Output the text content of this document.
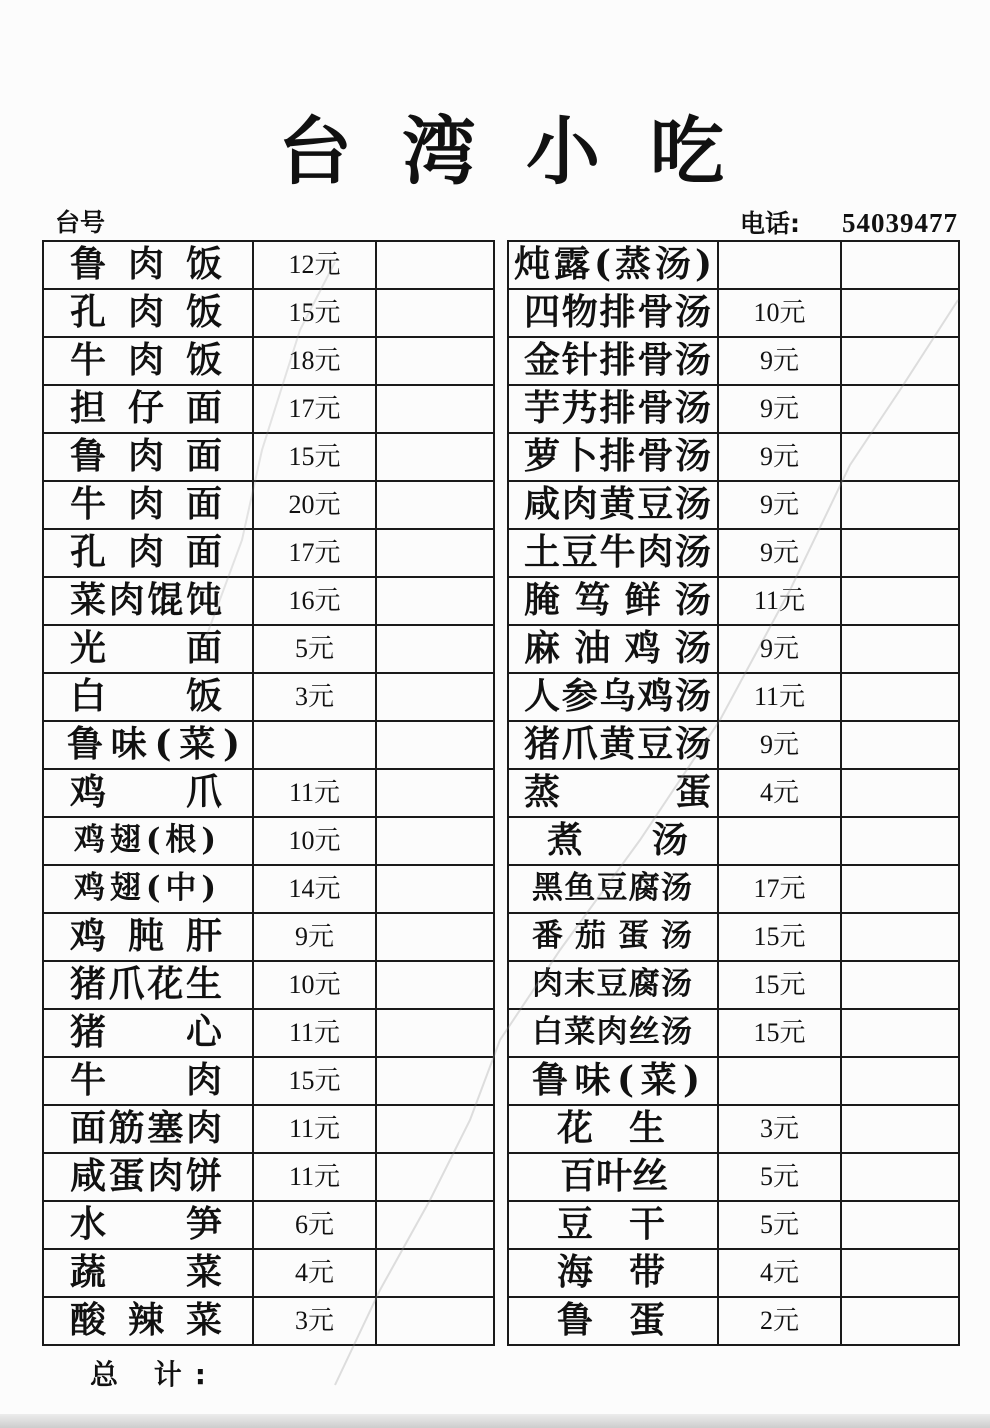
台湾小吃
台号	电话: 54039477
鲁 肉 饭	12元	

孔 肉 饭	15元	

牛 肉 饭	18元	

担 仔 面	17元	

鲁 肉 面	15元	

牛 肉 面	20元	

孔 肉 面	17元	

菜肉馄饨	16元	

光 面	5元	

白 饭	3元	

鲁味(菜)		

鸡 爪	11元	

鸡翅(根)	10元	

鸡翅(中)	14元	

鸡 肫 肝	9元	

猪爪花生	10元	

猪 心	11元	

牛 肉	15元	

面筋塞肉	11元	

咸蛋肉饼	11元	

水 笋	6元	

蔬 菜	4元	

酸 辣 菜	3元	

炖露(蒸汤)		

四物排骨汤	10元	

金针排骨汤	9元	

芋艿排骨汤	9元	

萝卜排骨汤	9元	

咸肉黄豆汤	9元	

土豆牛肉汤	9元	

腌 笃 鲜 汤	11元	

麻 油 鸡 汤	9元	

人参乌鸡汤	11元	

猪爪黄豆汤	9元	

蒸 蛋	4元	

煮 汤		

黑鱼豆腐汤	17元	

番 茄 蛋 汤	15元	

肉末豆腐汤	15元	

白菜肉丝汤	15元	

鲁味(菜)		

花 生	3元	

百叶丝	5元	

豆 干	5元	

海 带	4元	

鲁 蛋	2元	

总 计:
